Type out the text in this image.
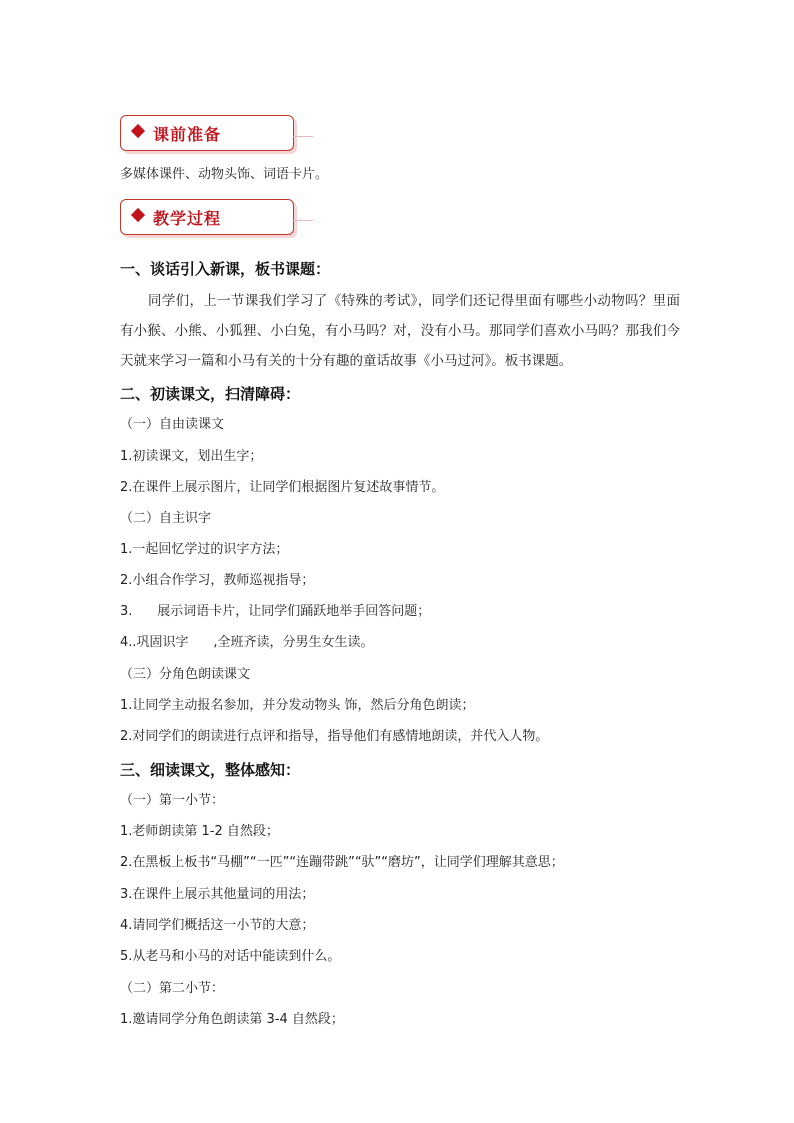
课前准备
多媒体课件、动物头饰、词语卡片。
教学过程
一、谈话引入新课，板书课题：
同学们，上一节课我们学习了《特殊的考试》，同学们还记得里面有哪些小动物吗？里面有小猴、小熊、小狐狸、小白兔，有小马吗？对，没有小马。那同学们喜欢小马吗？那我们今天就来学习一篇和小马有关的十分有趣的童话故事《小马过河》。板书课题。
二、初读课文，扫清障碍：
（一）自由读课文
1.初读课文，划出生字；
2.在课件上展示图片，让同学们根据图片复述故事情节。
（二）自主识字
1.一起回忆学过的识字方法；
2.小组合作学习，教师巡视指导；
3.      展示词语卡片，让同学们踊跃地举手回答问题；
4..巩固识字      ,全班齐读，分男生女生读。
（三）分角色朗读课文
1.让同学主动报名参加，并分发动物头 饰，然后分角色朗读；
2.对同学们的朗读进行点评和指导，指导他们有感情地朗读，并代入人物。
三、细读课文，整体感知：
（一）第一小节：
1.老师朗读第 1-2 自然段；
2.在黑板上板书“马棚”“一匹”“连蹦带跳”“驮”“磨坊”，让同学们理解其意思；
3.在课件上展示其他量词的用法；
4.请同学们概括这一小节的大意；
5.从老马和小马的对话中能读到什么。
（二）第二小节：
1.邀请同学分角色朗读第 3-4 自然段；
